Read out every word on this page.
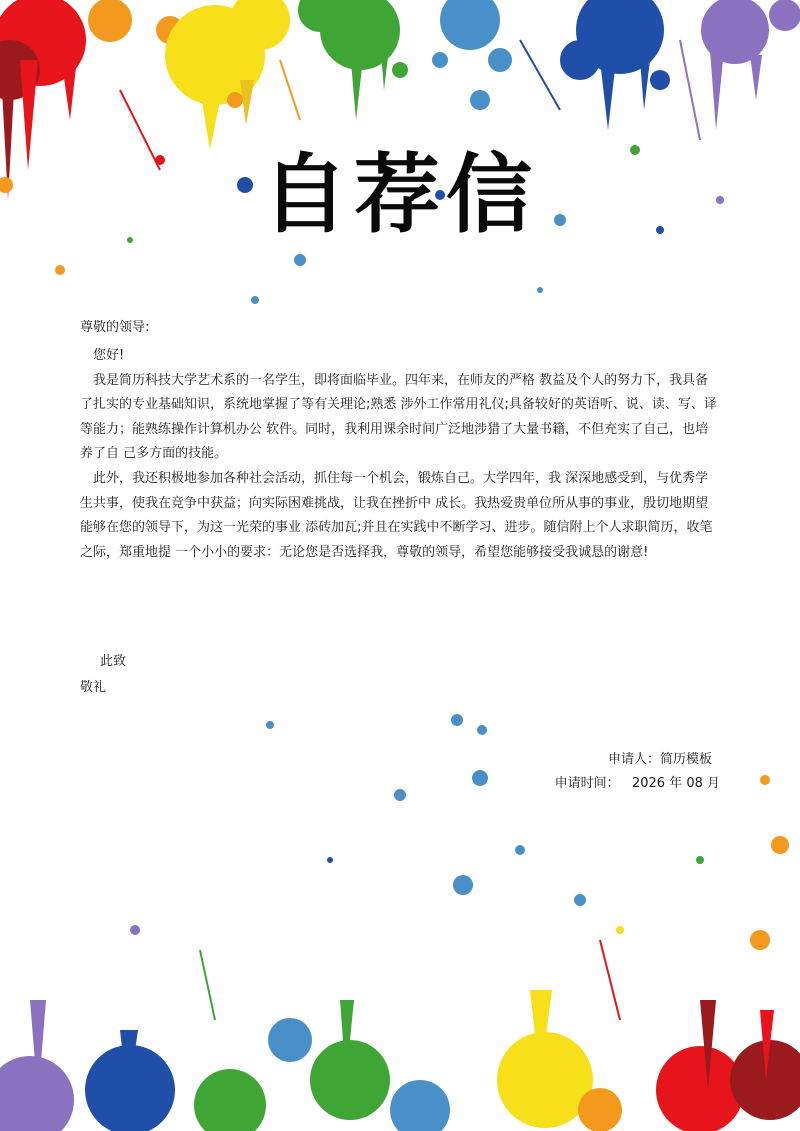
自荐信
尊敬的领导:

您好!

我是简历科技大学艺术系的一名学生，即将面临毕业。四年来，在师友的严格 教益及个人的努力下，我具备了扎实的专业基础知识，系统地掌握了等有关理论;熟悉 涉外工作常用礼仪;具备较好的英语听、说、读、写、译等能力；能熟练操作计算机办公 软件。同时，我利用课余时间广泛地涉猎了大量书籍，不但充实了自己，也培养了自 己多方面的技能。

此外，我还积极地参加各种社会活动，抓住每一个机会，锻炼自己。大学四年，我 深深地感受到，与优秀学生共事，使我在竞争中获益；向实际困难挑战，让我在挫折中 成长。我热爱贵单位所从事的事业，殷切地期望能够在您的领导下，为这一光荣的事业 添砖加瓦;并且在实践中不断学习、进步。随信附上个人求职简历，收笔之际，郑重地提 一个小小的要求：无论您是否选择我，尊敬的领导，希望您能够接受我诚恳的谢意!

此致
敬礼
申请人：简历模板
申请时间：   2026 年 08 月
